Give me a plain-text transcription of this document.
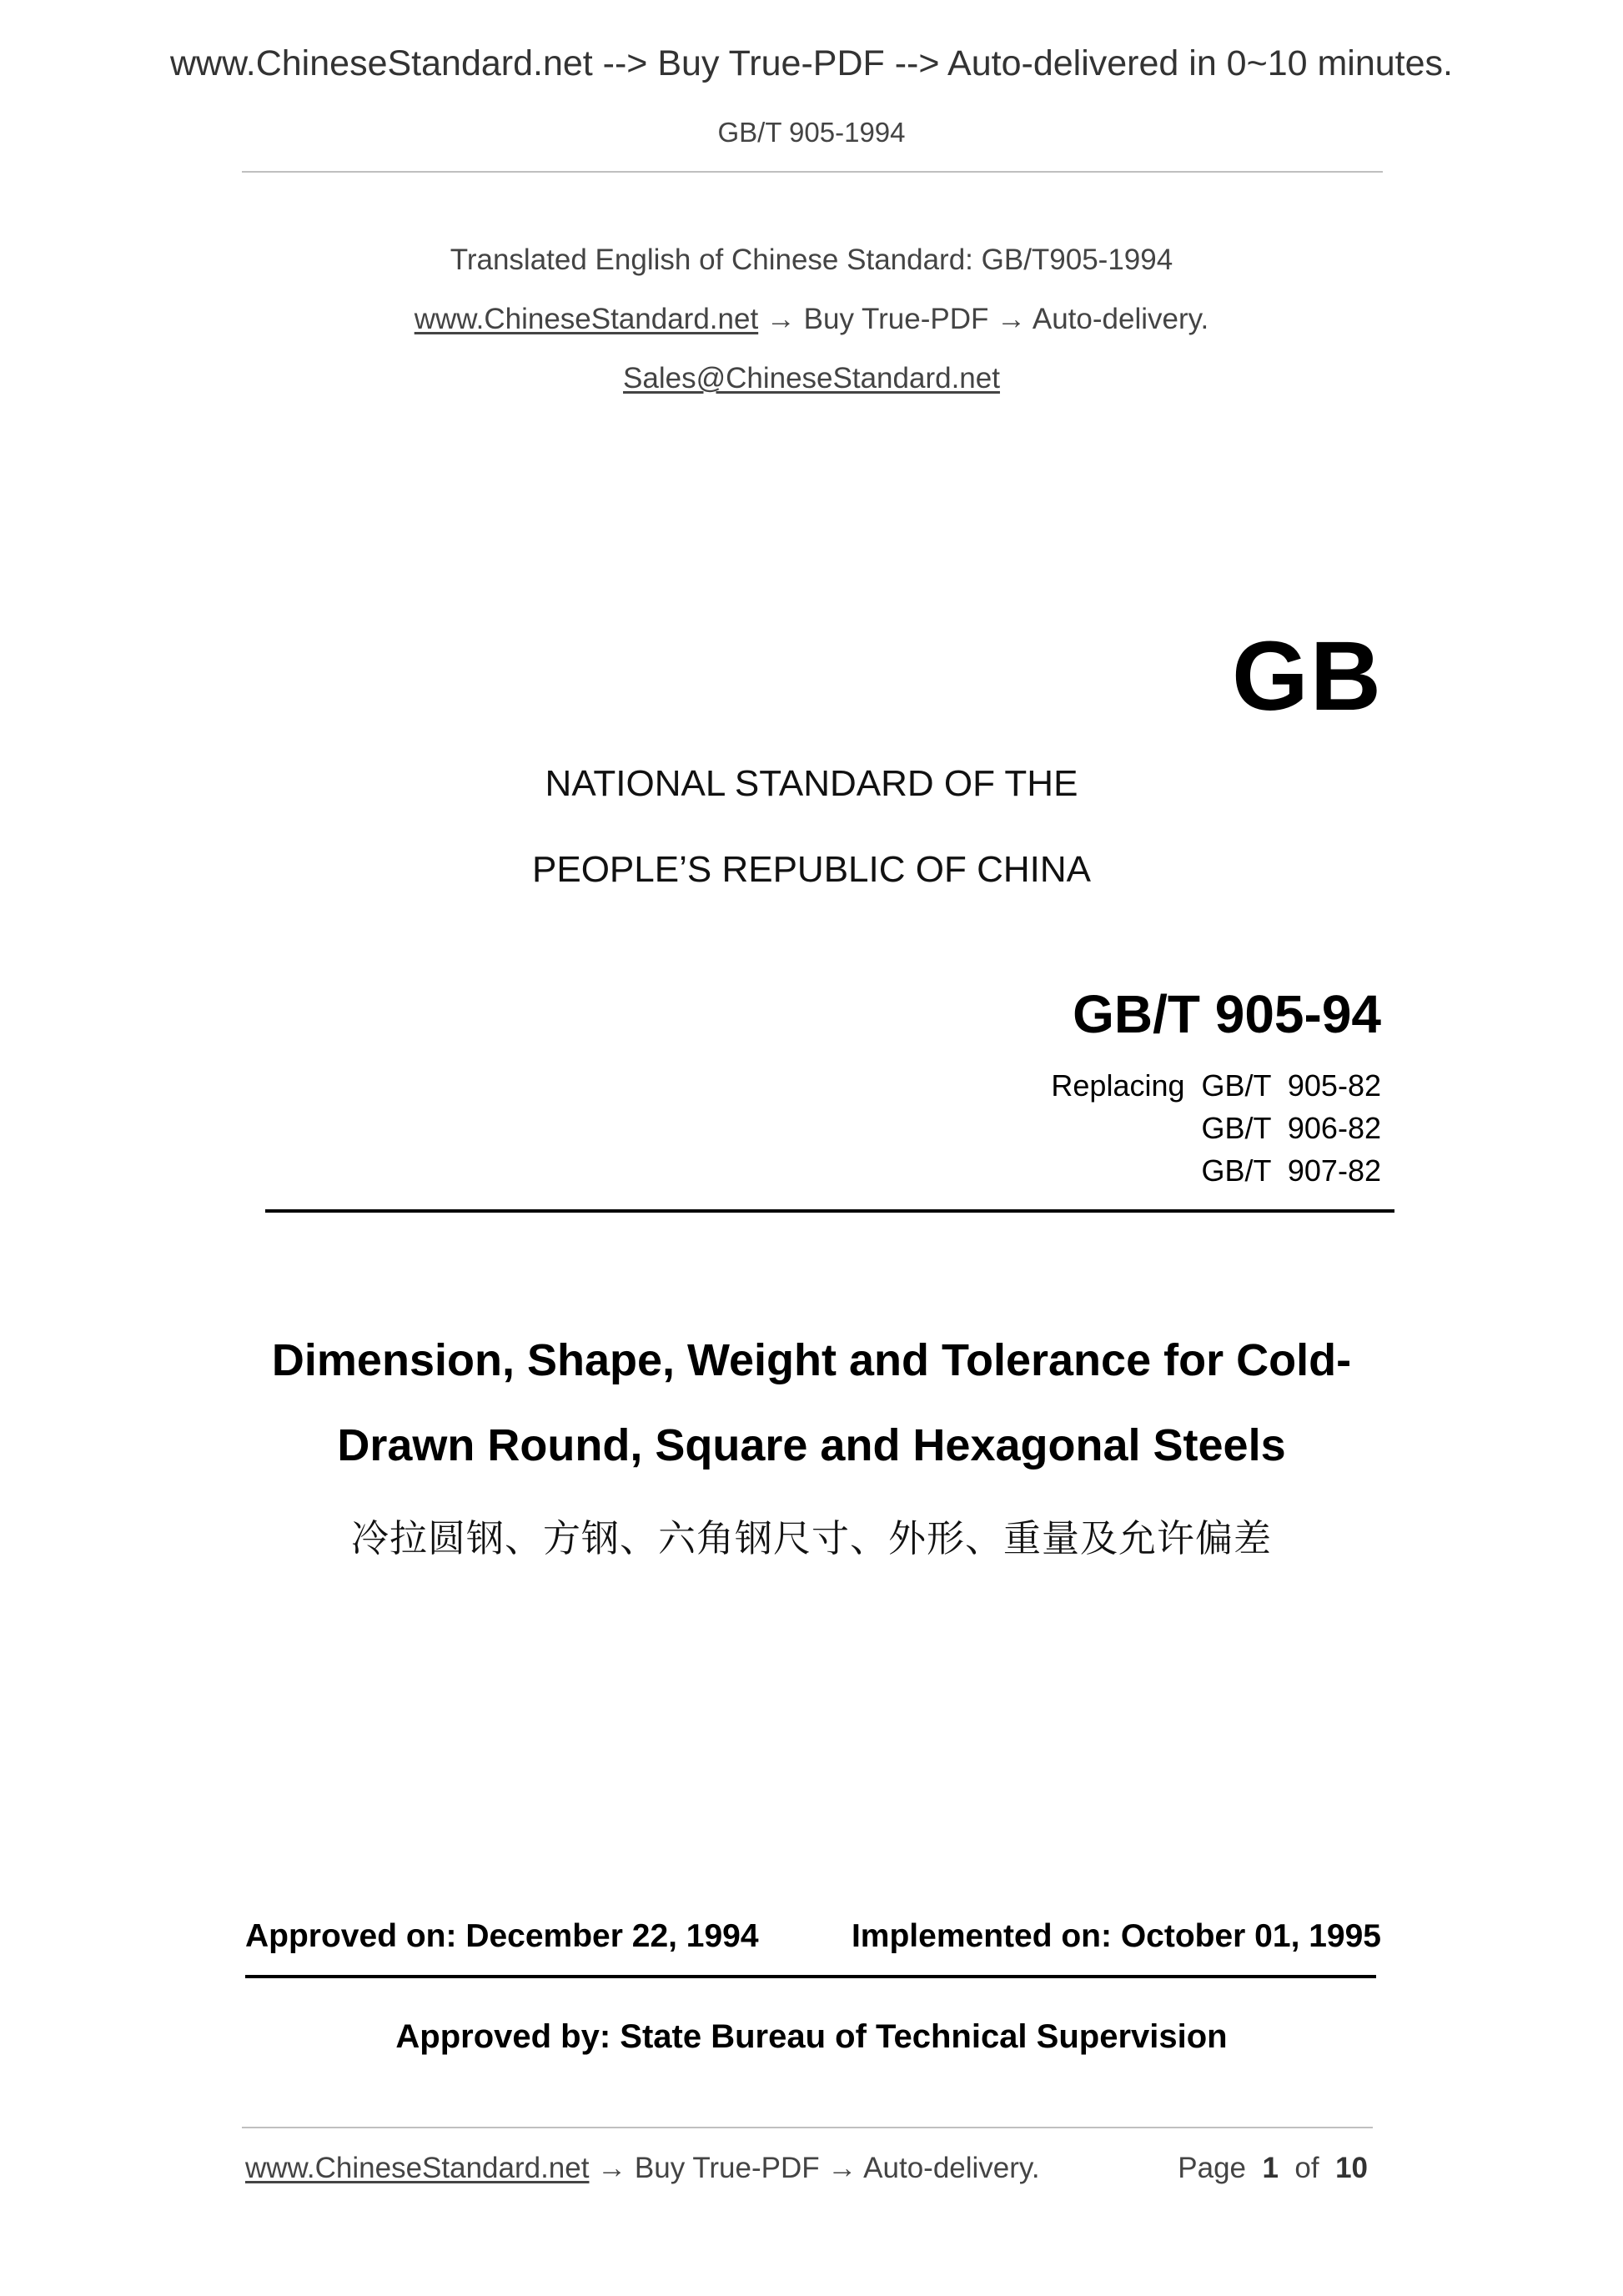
www.ChineseStandard.net --> Buy True-PDF --> Auto-delivered in 0~10 minutes.
GB/T 905-1994
Translated English of Chinese Standard: GB/T905-1994
www.ChineseStandard.net → Buy True-PDF → Auto-delivery.
Sales@ChineseStandard.net
GB
NATIONAL STANDARD OF THE
PEOPLE’S REPUBLIC OF CHINA
GB/T 905-94
Replacing GB/T  905-82
GB/T  906-82
GB/T  907-82
Dimension, Shape, Weight and Tolerance for Cold-
Drawn Round, Square and Hexagonal Steels
冷拉圆钢、方钢、六角钢尺寸、外形、重量及允许偏差
Approved on: December 22, 1994	Implemented on: October 01, 1995
Approved by: State Bureau of Technical Supervision
www.ChineseStandard.net → Buy True-PDF → Auto-delivery.	Page 1 of 10
